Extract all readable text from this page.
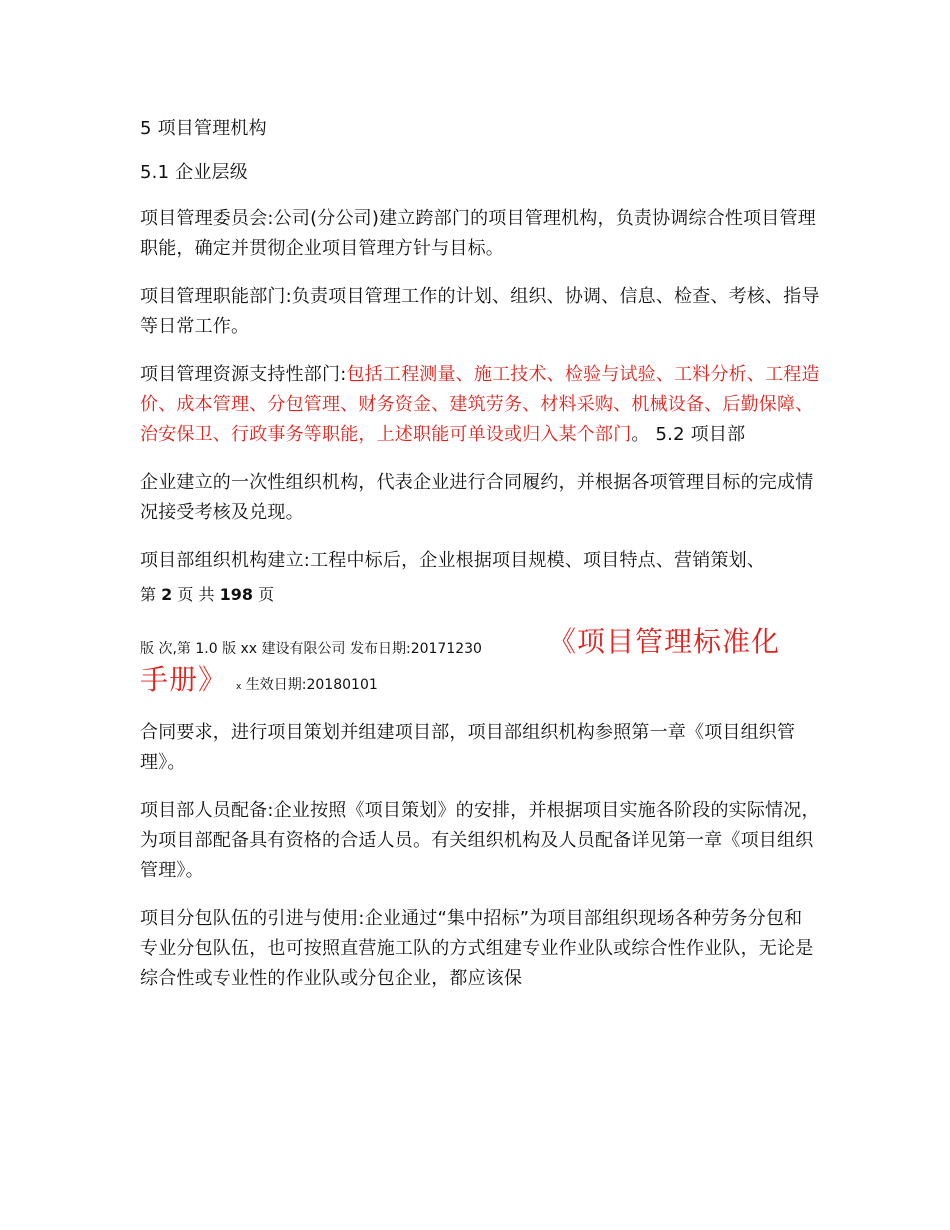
5 项目管理机构

5.1 企业层级

项目管理委员会:公司(分公司)建立跨部门的项目管理机构，负责协调综合性项目管理职能，确定并贯彻企业项目管理方针与目标。

项目管理职能部门:负责项目管理工作的计划、组织、协调、信息、检查、考核、指导等日常工作。

项目管理资源支持性部门:包括工程测量、施工技术、检验与试验、工料分析、工程造价、成本管理、分包管理、财务资金、建筑劳务、材料采购、机械设备、后勤保障、治安保卫、行政事务等职能，上述职能可单设或归入某个部门。 5.2 项目部

企业建立的一次性组织机构，代表企业进行合同履约，并根据各项管理目标的完成情况接受考核及兑现。

项目部组织机构建立:工程中标后，企业根据项目规模、项目特点、营销策划、

第 2 页 共 198 页

版 次,第 1.0 版 xx 建设有限公司 发布日期:20171230 《项目管理标准化
手册》 x 生效日期:20180101

合同要求，进行项目策划并组建项目部，项目部组织机构参照第一章《项目组织管理》。

项目部人员配备:企业按照《项目策划》的安排，并根据项目实施各阶段的实际情况，为项目部配备具有资格的合适人员。有关组织机构及人员配备详见第一章《项目组织管理》。

项目分包队伍的引进与使用:企业通过“集中招标”为项目部组织现场各种劳务分包和专业分包队伍，也可按照直营施工队的方式组建专业作业队或综合性作业队，无论是综合性或专业性的作业队或分包企业，都应该保
